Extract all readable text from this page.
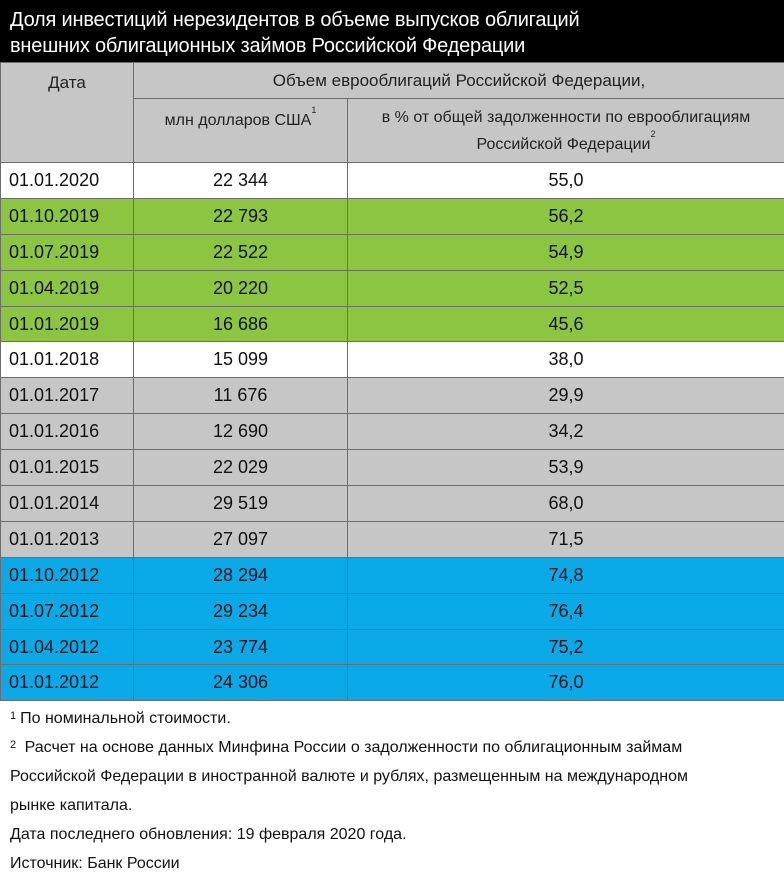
Доля инвестиций нерезидентов в объеме выпусков облигаций
внешних облигационных займов Российской Федерации
Дата	Объем еврооблигаций Российской Федерации,	
	млн долларов США$^1$	в % от общей задолженности по еврооблигациям
Российской Федерации$^2$
01.01.2020	22 344	55,0
01.10.2019	22 793	56,2
01.07.2019	22 522	54,9
01.04.2019	20 220	52,5
01.01.2019	16 686	45,6
01.01.2018	15 099	38,0
01.01.2017	11 676	29,9
01.01.2016	12 690	34,2
01.01.2015	22 029	53,9
01.01.2014	29 519	68,0
01.01.2013	27 097	71,5
01.10.2012	28 294	74,8
01.07.2012	29 234	76,4
01.04.2012	23 774	75,2
01.01.2012	24 306	76,0
$^1$ По номинальной стоимости.
$^2$ Расчет на основе данных Минфина России о задолженности по облигационным займам
Российской Федерации в иностранной валюте и рублях, размещенным на международном
рынке капитала.
Дата последнего обновления: 19 февраля 2020 года.
Источник: Банк России
